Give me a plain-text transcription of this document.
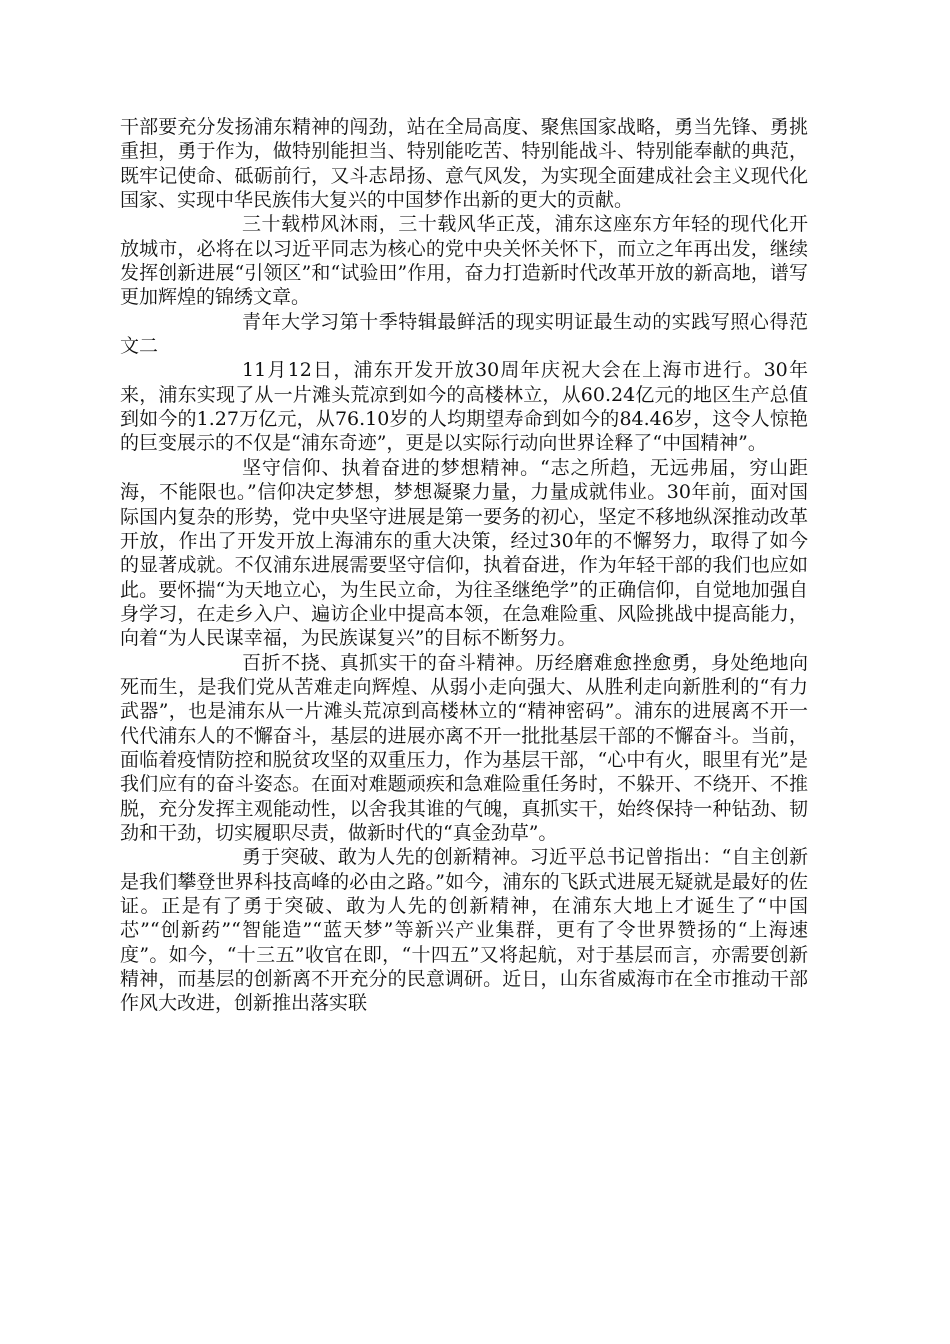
干部要充分发扬浦东精神的闯劲，站在全局高度、聚焦国家战略，勇当先锋、勇挑重担，勇于作为，做特别能担当、特别能吃苦、特别能战斗、特别能奉献的典范，既牢记使命、砥砺前行，又斗志昂扬、意气风发，为实现全面建成社会主义现代化国家、实现中华民族伟大复兴的中国梦作出新的更大的贡献。

三十载栉风沐雨，三十载风华正茂，浦东这座东方年轻的现代化开放城市，必将在以习近平同志为核心的党中央关怀关怀下，而立之年再出发，继续发挥创新进展“引领区”和“试验田”作用，奋力打造新时代改革开放的新高地，谱写更加辉煌的锦绣文章。

青年大学习第十季特辑最鲜活的现实明证最生动的实践写照心得范文二

11月12日，浦东开发开放30周年庆祝大会在上海市进行。30年来，浦东实现了从一片滩头荒凉到如今的高楼林立，从60.24亿元的地区生产总值到如今的1.27万亿元，从76.10岁的人均期望寿命到如今的84.46岁，这令人惊艳的巨变展示的不仅是“浦东奇迹”，更是以实际行动向世界诠释了“中国精神”。

坚守信仰、执着奋进的梦想精神。“志之所趋，无远弗届，穷山距海，不能限也。”信仰决定梦想，梦想凝聚力量，力量成就伟业。30年前，面对国际国内复杂的形势，党中央坚守进展是第一要务的初心，坚定不移地纵深推动改革开放，作出了开发开放上海浦东的重大决策，经过30年的不懈努力，取得了如今的显著成就。不仅浦东进展需要坚守信仰，执着奋进，作为年轻干部的我们也应如此。要怀揣“为天地立心，为生民立命，为往圣继绝学”的正确信仰，自觉地加强自身学习，在走乡入户、遍访企业中提高本领，在急难险重、风险挑战中提高能力，向着“为人民谋幸福，为民族谋复兴”的目标不断努力。

百折不挠、真抓实干的奋斗精神。历经磨难愈挫愈勇，身处绝地向死而生，是我们党从苦难走向辉煌、从弱小走向强大、从胜利走向新胜利的“有力武器”，也是浦东从一片滩头荒凉到高楼林立的“精神密码”。浦东的进展离不开一代代浦东人的不懈奋斗，基层的进展亦离不开一批批基层干部的不懈奋斗。当前，面临着疫情防控和脱贫攻坚的双重压力，作为基层干部，“心中有火，眼里有光”是我们应有的奋斗姿态。在面对难题顽疾和急难险重任务时，不躲开、不绕开、不推脱，充分发挥主观能动性，以舍我其谁的气魄，真抓实干，始终保持一种钻劲、韧劲和干劲，切实履职尽责，做新时代的“真金劲草”。

勇于突破、敢为人先的创新精神。习近平总书记曾指出：“自主创新是我们攀登世界科技高峰的必由之路。”如今，浦东的飞跃式进展无疑就是最好的佐证。正是有了勇于突破、敢为人先的创新精神，在浦东大地上才诞生了“中国芯”“创新药”“智能造”“蓝天梦”等新兴产业集群，更有了令世界赞扬的“上海速度”。如今，“十三五”收官在即，“十四五”又将起航，对于基层而言，亦需要创新精神，而基层的创新离不开充分的民意调研。近日，山东省威海市在全市推动干部作风大改进，创新推出落实联
